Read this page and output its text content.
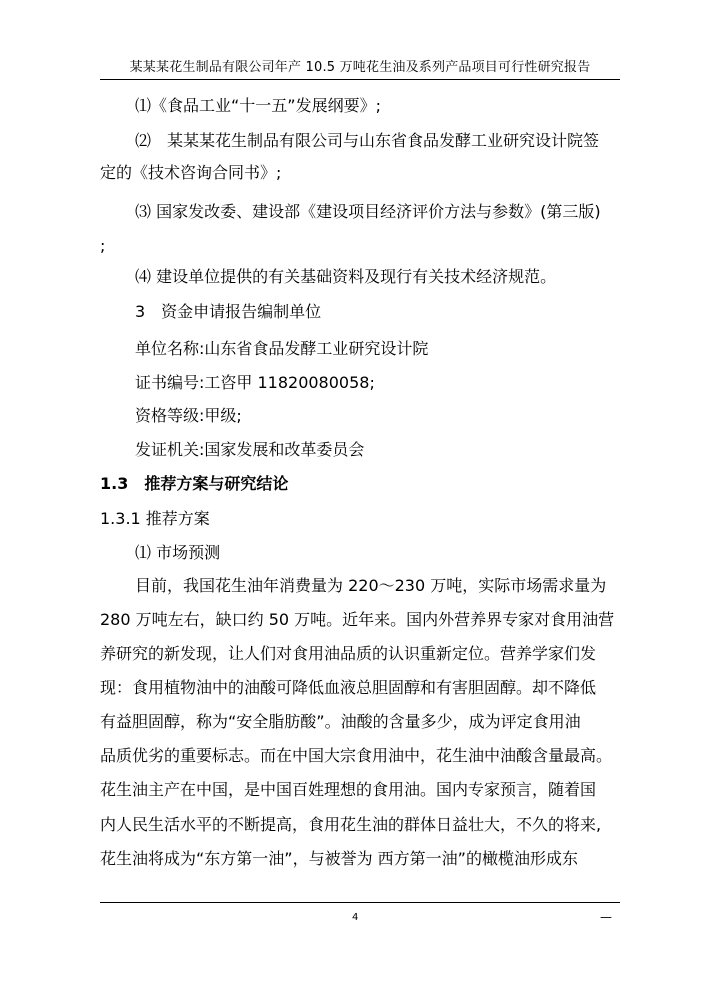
某某某花生制品有限公司年产 10.5 万吨花生油及系列产品项目可行性研究报告
⑴《食品工业“十一五”发展纲要》;
⑵　某某某花生制品有限公司与山东省食品发酵工业研究设计院签
定的《技术咨询合同书》;
⑶ 国家发改委、建设部《建设项目经济评价方法与参数》(第三版)
;
⑷ 建设单位提供的有关基础资料及现行有关技术经济规范。
3　资金申请报告编制单位
单位名称:山东省食品发酵工业研究设计院
证书编号:工咨甲 11820080058;
资格等级:甲级;
发证机关:国家发展和改革委员会
1.3　推荐方案与研究结论
1.3.1 推荐方案
⑴ 市场预测
目前，我国花生油年消费量为 220～230 万吨，实际市场需求量为
280 万吨左右，缺口约 50 万吨。近年来。国内外营养界专家对食用油营
养研究的新发现，让人们对食用油品质的认识重新定位。营养学家们发
现：食用植物油中的油酸可降低血液总胆固醇和有害胆固醇。却不降低
有益胆固醇，称为“安全脂肪酸”。油酸的含量多少，成为评定食用油
品质优劣的重要标志。而在中国大宗食用油中，花生油中油酸含量最高。
花生油主产在中国，是中国百姓理想的食用油。国内专家预言，随着国
内人民生活水平的不断提高，食用花生油的群体日益壮大，不久的将来,
花生油将成为“东方第一油”，与被誉为 西方第一油”的橄榄油形成东
4	—
